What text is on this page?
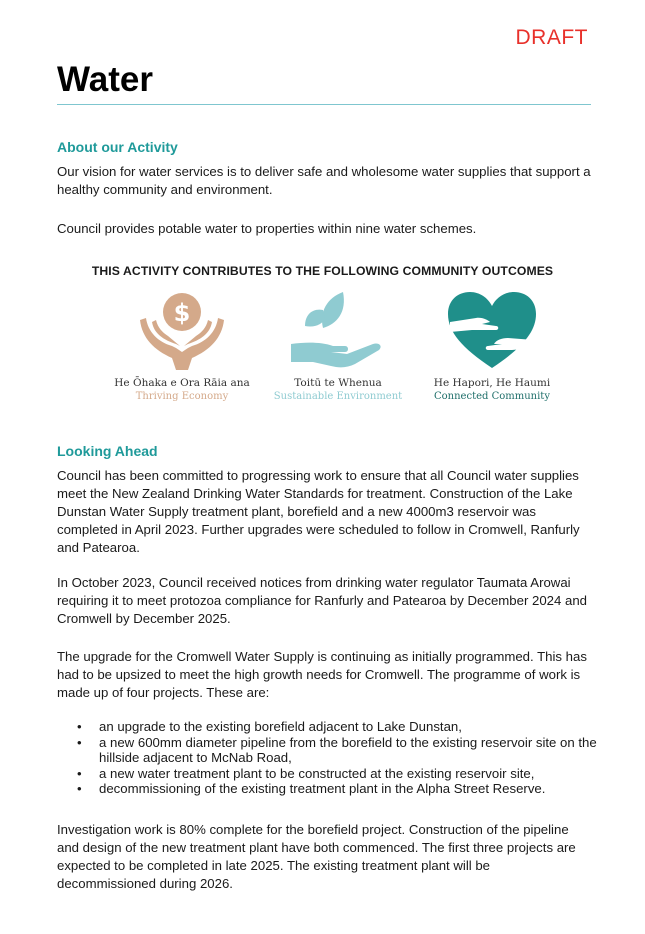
DRAFT
Water
About our Activity
Our vision for water services is to deliver safe and wholesome water supplies that support a healthy community and environment.
Council provides potable water to properties within nine water schemes.
THIS ACTIVITY CONTRIBUTES TO THE FOLLOWING COMMUNITY OUTCOMES
$
He Ōhaka e Ora Rāia ana
Thriving Economy
Toitū te Whenua
Sustainable Environment
He Hapori, He Haumi
Connected Community
Looking Ahead
Council has been committed to progressing work to ensure that all Council water supplies meet the New Zealand Drinking Water Standards for treatment. Construction of the Lake Dunstan Water Supply treatment plant, borefield and a new 4000m3 reservoir was completed in April 2023. Further upgrades were scheduled to follow in Cromwell, Ranfurly and Patearoa.
In October 2023, Council received notices from drinking water regulator Taumata Arowai requiring it to meet protozoa compliance for Ranfurly and Patearoa by December 2024 and Cromwell by December 2025.
The upgrade for the Cromwell Water Supply is continuing as initially programmed. This has had to be upsized to meet the high growth needs for Cromwell. The programme of work is made up of four projects. These are:
• an upgrade to the existing borefield adjacent to Lake Dunstan,
• a new 600mm diameter pipeline from the borefield to the existing reservoir site on the hillside adjacent to McNab Road,
• a new water treatment plant to be constructed at the existing reservoir site,
• decommissioning of the existing treatment plant in the Alpha Street Reserve.
Investigation work is 80% complete for the borefield project. Construction of the pipeline and design of the new treatment plant have both commenced. The first three projects are expected to be completed in late 2025. The existing treatment plant will be decommissioned during 2026.
